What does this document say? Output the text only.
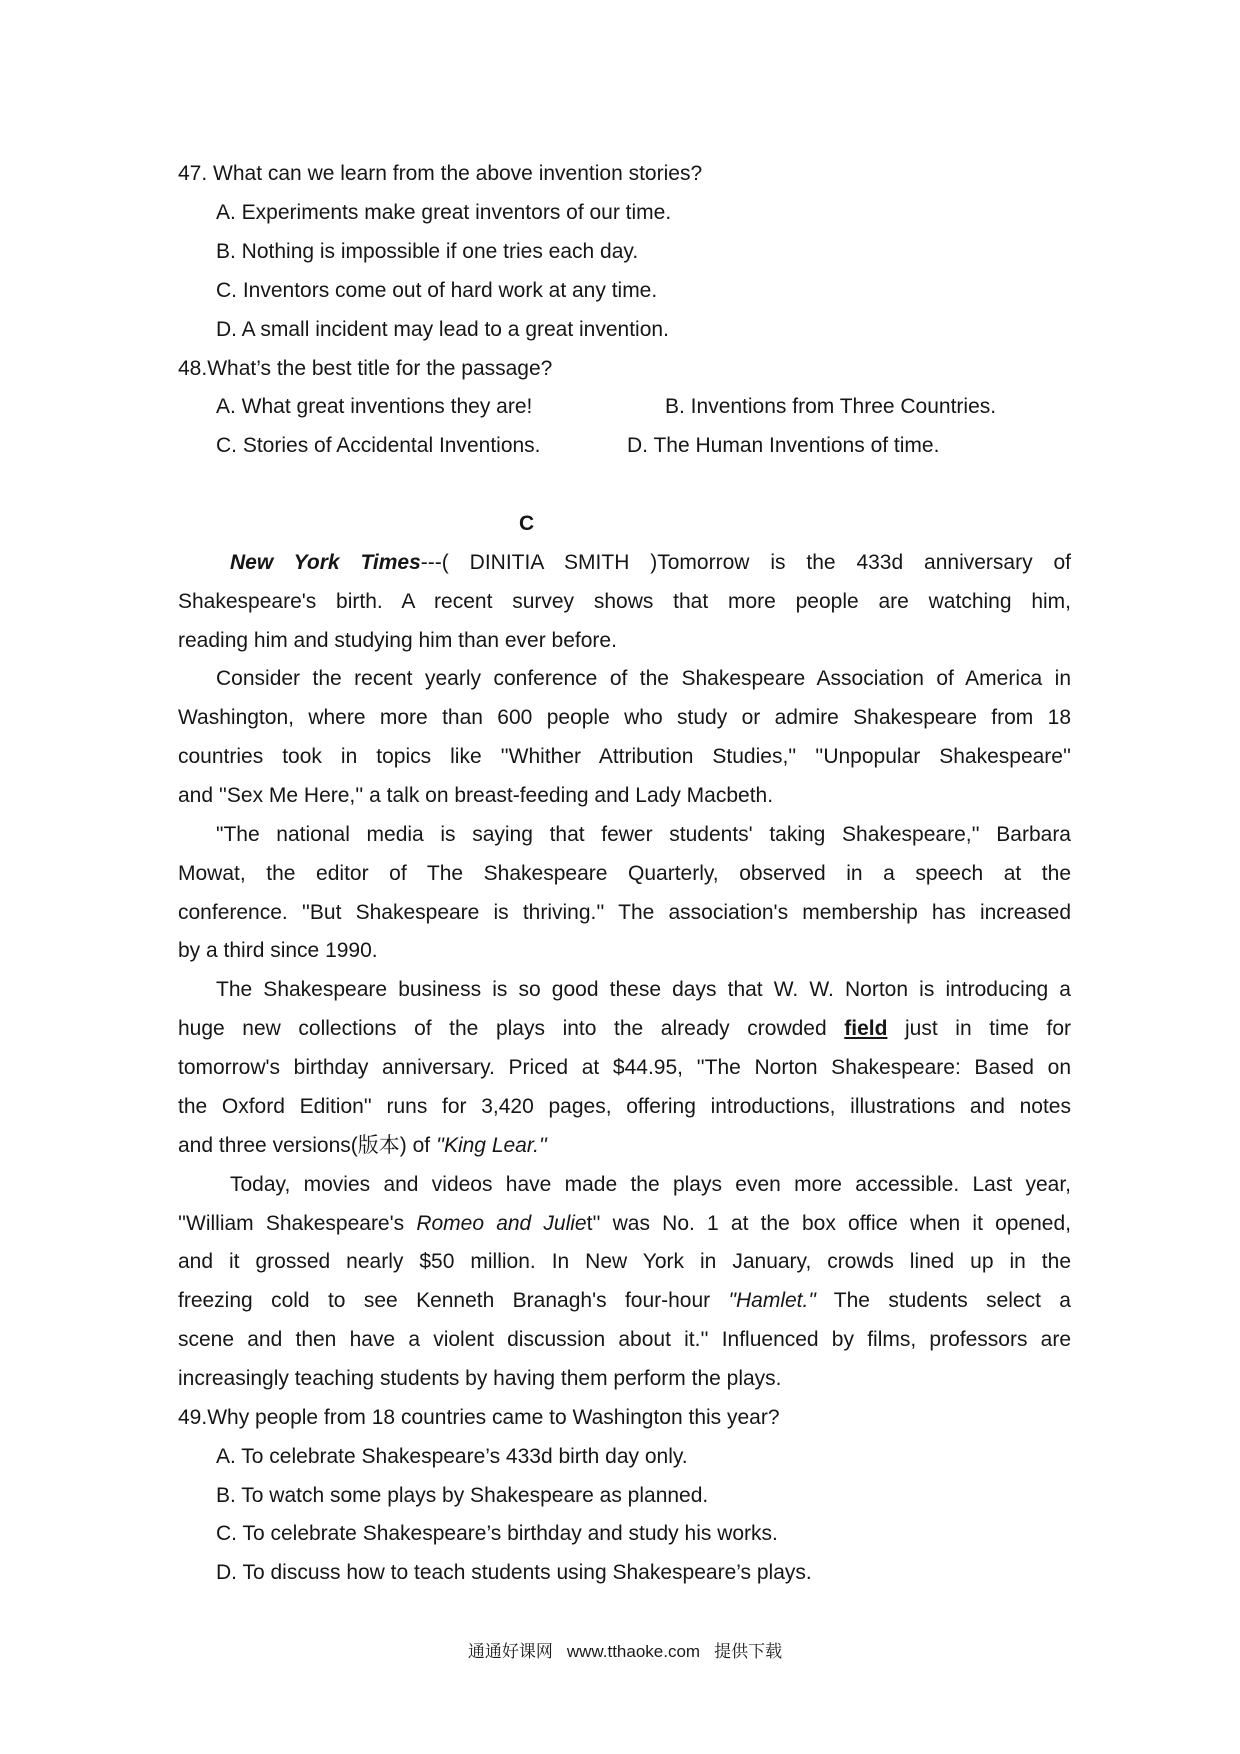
47. What can we learn from the above invention stories?
A. Experiments make great inventors of our time.
B. Nothing is impossible if one tries each day.
C. Inventors come out of hard work at any time.
D. A small incident may lead to a great invention.
48.What’s the best title for the passage?
A. What great inventions they are!	B. Inventions from Three Countries.
C. Stories of Accidental Inventions.	D. The Human Inventions of time.
C
New York Times---( DINITIA SMITH )Tomorrow is the 433d anniversary of
Shakespeare's birth. A recent survey shows that more people are watching him,
reading him and studying him than ever before.
Consider the recent yearly conference of the Shakespeare Association of America in
Washington, where more than 600 people who study or admire Shakespeare from 18
countries took in topics like ''Whither Attribution Studies,'' ''Unpopular Shakespeare''
and ''Sex Me Here,'' a talk on breast-feeding and Lady Macbeth.
"The national media is saying that fewer students' taking Shakespeare,'' Barbara
Mowat, the editor of The Shakespeare Quarterly, observed in a speech at the
conference. ''But Shakespeare is thriving.'' The association's membership has increased
by a third since 1990.
The Shakespeare business is so good these days that W. W. Norton is introducing a
huge new collections of the plays into the already crowded field just in time for
tomorrow's birthday anniversary. Priced at $44.95, ''The Norton Shakespeare: Based on
the Oxford Edition'' runs for 3,420 pages, offering introductions, illustrations and notes
and three versions(版本) of ''King Lear.''
Today, movies and videos have made the plays even more accessible. Last year,
''William Shakespeare's Romeo and Juliet'' was No. 1 at the box office when it opened,
and it grossed nearly $50 million. In New York in January, crowds lined up in the
freezing cold to see Kenneth Branagh's four-hour "Hamlet." The students select a
scene and then have a violent discussion about it.'' Influenced by films, professors are
increasingly teaching students by having them perform the plays.
49.Why people from 18 countries came to Washington this year?
A. To celebrate Shakespeare’s 433d birth day only.
B. To watch some plays by Shakespeare as planned.
C. To celebrate Shakespeare’s birthday and study his works.
D. To discuss how to teach students using Shakespeare’s plays.
通通好课网 www.tthaoke.com 提供下载
